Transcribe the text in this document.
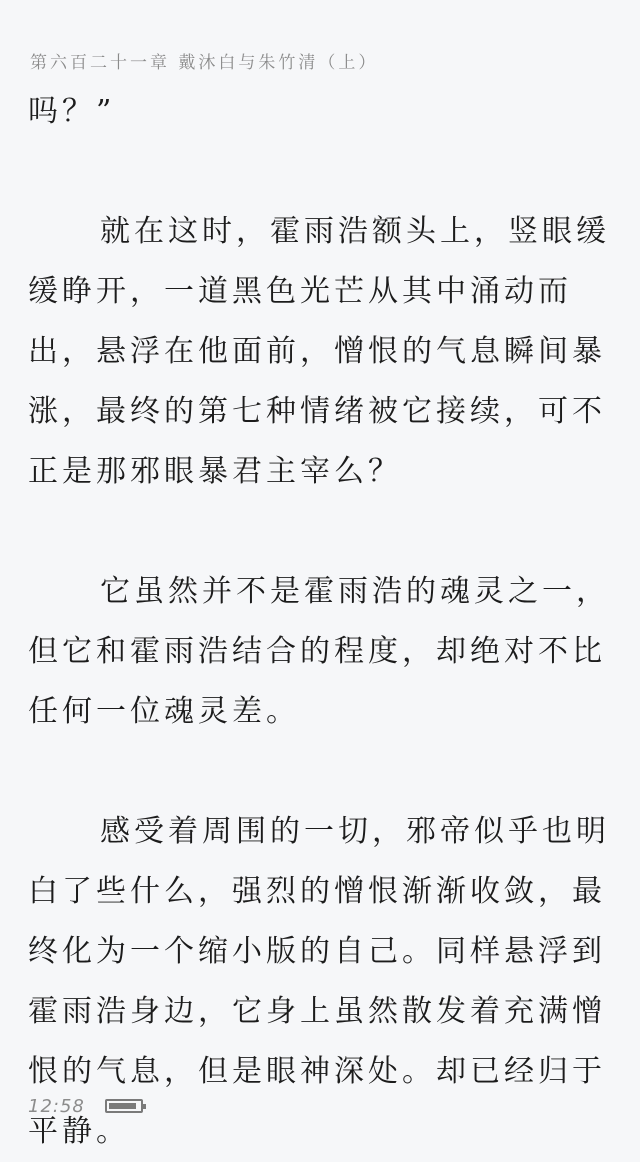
第六百二十一章 戴沐白与朱竹清（上）

吗？”

就在这时，霍雨浩额头上，竖眼缓缓睁开，一道黑色光芒从其中涌动而出，悬浮在他面前，憎恨的气息瞬间暴涨，最终的第七种情绪被它接续，可不正是那邪眼暴君主宰么？

它虽然并不是霍雨浩的魂灵之一，但它和霍雨浩结合的程度，却绝对不比任何一位魂灵差。

感受着周围的一切，邪帝似乎也明白了些什么，强烈的憎恨渐渐收敛，最终化为一个缩小版的自己。同样悬浮到霍雨浩身边，它身上虽然散发着充满憎恨的气息，但是眼神深处。却已经归于平静。

12:58
